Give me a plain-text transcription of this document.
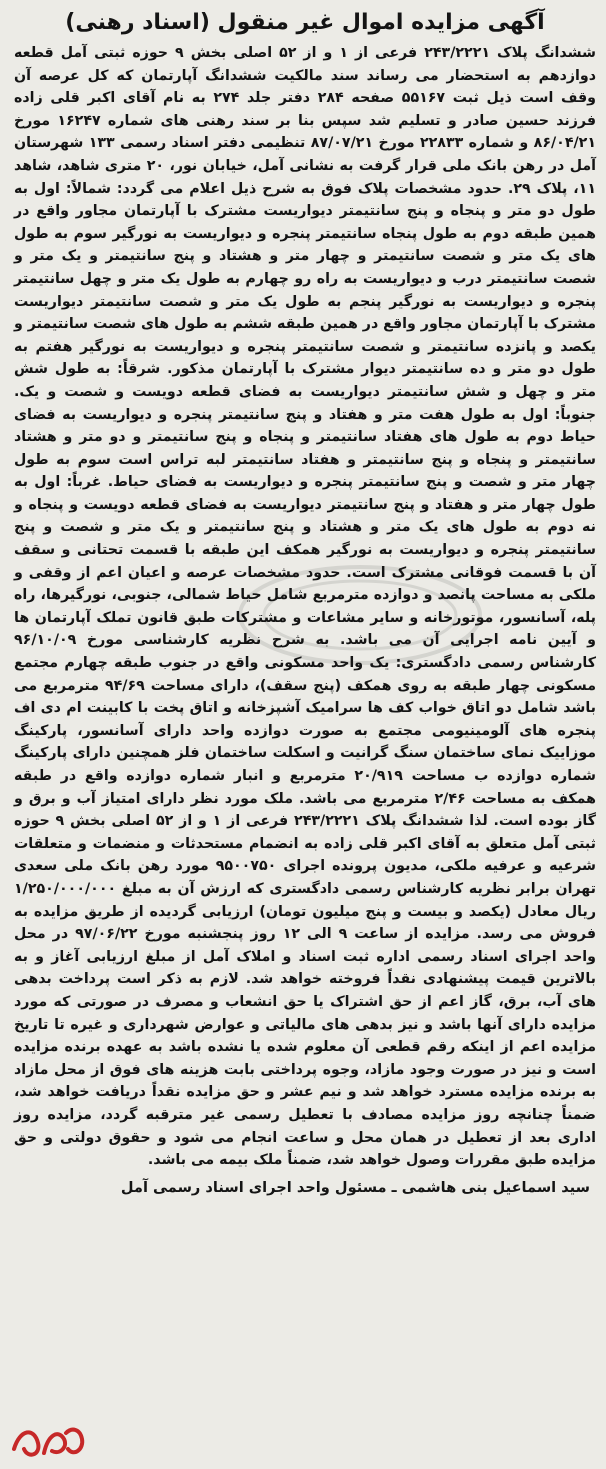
آگهی مزایده اموال غیر منقول (اسناد رهنی)

ششدانگ پلاک ۲۴۳/۲۲۲۱ فرعی از ۱ و از ۵۲ اصلی بخش ۹ حوزه ثبتی آمل قطعه دوازدهم به استحضار می رساند سند مالکیت ششدانگ آپارتمان که کل عرصه آن وقف است ذیل ثبت ۵۵۱۶۷ صفحه ۲۸۴ دفتر جلد ۲۷۴ به نام آقای اکبر قلی زاده فرزند حسین صادر و تسلیم شد سپس بنا بر سند رهنی های شماره ۱۶۲۴۷ مورخ ۸۶/۰۴/۲۱ و شماره ۲۲۸۳۳ مورخ ۸۷/۰۷/۲۱ تنظیمی دفتر اسناد رسمی ۱۳۳ شهرستان آمل در رهن بانک ملی قرار گرفت به نشانی آمل، خیابان نور، ۲۰ متری شاهد، شاهد ۱۱، پلاک ۲۹. حدود مشخصات پلاک فوق به شرح ذیل اعلام می گردد: شمالاً: اول به طول دو متر و پنجاه و پنج سانتیمتر دیواریست مشترک با آپارتمان مجاور واقع در همین طبقه دوم به طول پنجاه سانتیمتر پنجره و دیواریست به نورگیر سوم به طول های یک متر و شصت سانتیمتر و چهار متر و هشتاد و پنج سانتیمتر و یک متر و شصت سانتیمتر درب و دیواریست به راه رو چهارم به طول یک متر و چهل سانتیمتر پنجره و دیواریست به نورگیر پنجم به طول یک متر و شصت سانتیمتر دیواریست مشترک با آپارتمان مجاور واقع در همین طبقه ششم به طول های شصت سانتیمتر و یکصد و پانزده سانتیمتر و شصت سانتیمتر پنجره و دیواریست به نورگیر هفتم به طول دو متر و ده سانتیمتر دیوار مشترک با آپارتمان مذکور. شرقاً: به طول شش متر و چهل و شش سانتیمتر دیواریست به فضای قطعه دویست و شصت و یک. جنوباً: اول به طول هفت متر و هفتاد و پنج سانتیمتر پنجره و دیواریست به فضای حیاط دوم به طول های هفتاد سانتیمتر و پنجاه و پنج سانتیمتر و دو متر و هشتاد سانتیمتر و پنجاه و پنج سانتیمتر و هفتاد سانتیمتر لبه تراس است سوم به طول چهار متر و شصت و پنج سانتیمتر پنجره و دیواریست به فضای حیاط. غرباً: اول به طول چهار متر و هفتاد و پنج سانتیمتر دیواریست به فضای قطعه دویست و پنجاه و نه دوم به طول های یک متر و هشتاد و پنج سانتیمتر و یک متر و شصت و پنج سانتیمتر پنجره و دیواریست به نورگیر همکف این طبقه با قسمت تحتانی و سقف آن با قسمت فوقانی مشترک است. حدود مشخصات عرصه و اعیان اعم از وقفی و ملکی به مساحت پانصد و دوازده مترمربع شامل حیاط شمالی، جنوبی، نورگیرها، راه پله، آسانسور، موتورخانه و سایر مشاعات و مشترکات طبق قانون تملک آپارتمان ها و آیین نامه اجرایی آن می باشد. به شرح نظریه کارشناسی مورخ ۹۶/۱۰/۰۹ کارشناس رسمی دادگستری: یک واحد مسکونی واقع در جنوب طبقه چهارم مجتمع مسکونی چهار طبقه به روی همکف (پنج سقف)، دارای مساحت ۹۴/۶۹ مترمربع می باشد شامل دو اتاق خواب کف ها سرامیک آشپزخانه و اتاق پخت با کابینت ام دی اف پنجره های آلومینیومی مجتمع به صورت دوازده واحد دارای آسانسور، پارکینگ موزاییک نمای ساختمان سنگ گرانیت و اسکلت ساختمان فلز همچنین دارای پارکینگ شماره دوازده ب مساحت ۲۰/۹۱۹ مترمربع و انبار شماره دوازده واقع در طبقه همکف به مساحت ۲/۴۶ مترمربع می باشد. ملک مورد نظر دارای امتیاز آب و برق و گاز بوده است. لذا ششدانگ پلاک ۲۴۳/۲۲۲۱ فرعی از ۱ و از ۵۲ اصلی بخش ۹ حوزه ثبتی آمل متعلق به آقای اکبر قلی زاده به انضمام مستحدثات و منضمات و متعلقات شرعیه و عرفیه ملکی، مدیون پرونده اجرای ۹۵۰۰۷۵۰ مورد رهن بانک ملی سعدی تهران برابر نظریه کارشناس رسمی دادگستری که ارزش آن به مبلغ ۱/۲۵۰/۰۰۰/۰۰۰ ریال معادل (یکصد و بیست و پنج میلیون تومان) ارزیابی گردیده از طریق مزایده به فروش می رسد. مزایده از ساعت ۹ الی ۱۲ روز پنجشنبه مورخ ۹۷/۰۶/۲۲ در محل واحد اجرای اسناد رسمی اداره ثبت اسناد و املاک آمل از مبلغ ارزیابی آغاز و به بالاترین قیمت پیشنهادی نقداً فروخته خواهد شد. لازم به ذکر است پرداخت بدهی های آب، برق، گاز اعم از حق اشتراک یا حق انشعاب و مصرف در صورتی که مورد مزایده دارای آنها باشد و نیز بدهی های مالیاتی و عوارض شهرداری و غیره تا تاریخ مزایده اعم از اینکه رقم قطعی آن معلوم شده یا نشده باشد به عهده برنده مزایده است و نیز در صورت وجود مازاد، وجوه پرداختی بابت هزینه های فوق از محل مازاد به برنده مزایده مسترد خواهد شد و نیم عشر و حق مزایده نقداً دریافت خواهد شد، ضمناً چنانچه روز مزایده مصادف با تعطیل رسمی غیر مترقبه گردد، مزایده روز اداری بعد از تعطیل در همان محل و ساعت انجام می شود و حقوق دولتی و حق مزایده طبق مقررات وصول خواهد شد، ضمناً ملک بیمه می باشد.

سید اسماعیل بنی هاشمی ـ مسئول واحد اجرای اسناد رسمی آمل
